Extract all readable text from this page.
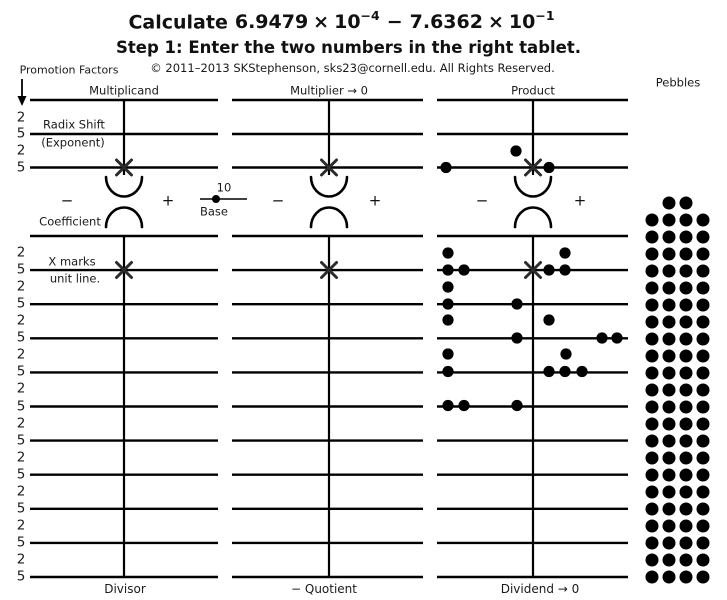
Calculate $6.9479 \times 10^{-4} - 7.6362 \times 10^{-1}$
Step 1: Enter the two numbers in the right tablet.
© 2011–2013 SKStephenson, sks23@cornell.edu. All Rights Reserved.
Promotion Factors
Radix Shift
(Exponent)
Coefficient
X marks
unit line.
10
Base
Multiplicand	Multiplier → 0	Product
Pebbles
Divisor	− Quotient	Dividend → 0
−	+	−	+	−	+
2
5
2
5
2
5
2
5
2
5
2
5
2
5
2
5
2
5
2
5
2
5
2
5
